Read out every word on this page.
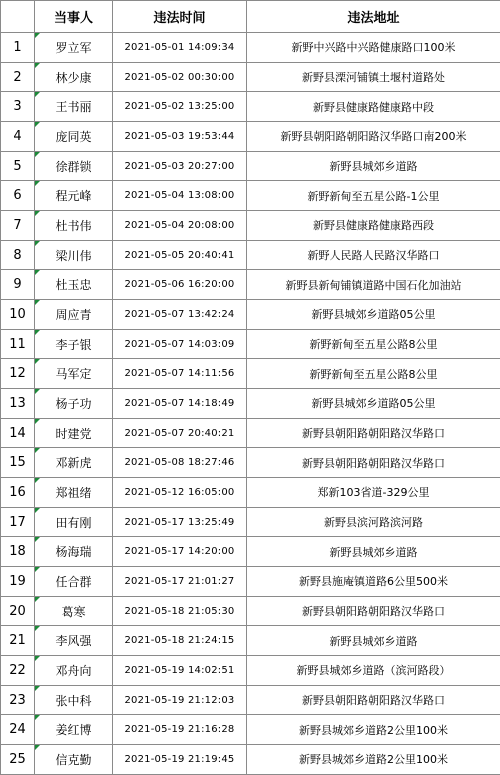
	当事人	违法时间	违法地址
1	罗立军	2021-05-01 14:09:34	新野中兴路中兴路健康路口100米
2	林少康	2021-05-02 00:30:00	新野县溧河铺镇土堰村道路处
3	王书丽	2021-05-02 13:25:00	新野县健康路健康路中段
4	庞同英	2021-05-03 19:53:44	新野县朝阳路朝阳路汉华路口南200米
5	徐群锁	2021-05-03 20:27:00	新野县城郊乡道路
6	程元峰	2021-05-04 13:08:00	新野新甸至五星公路-1公里
7	杜书伟	2021-05-04 20:08:00	新野县健康路健康路西段
8	梁川伟	2021-05-05 20:40:41	新野人民路人民路汉华路口
9	杜玉忠	2021-05-06 16:20:00	新野县新甸铺镇道路中国石化加油站
10	周应青	2021-05-07 13:42:24	新野县城郊乡道路05公里
11	李子银	2021-05-07 14:03:09	新野新甸至五星公路8公里
12	马军定	2021-05-07 14:11:56	新野新甸至五星公路8公里
13	杨子功	2021-05-07 14:18:49	新野县城郊乡道路05公里
14	时建党	2021-05-07 20:40:21	新野县朝阳路朝阳路汉华路口
15	邓新虎	2021-05-08 18:27:46	新野县朝阳路朝阳路汉华路口
16	郑祖绪	2021-05-12 16:05:00	郑新103省道-329公里
17	田有刚	2021-05-17 13:25:49	新野县滨河路滨河路
18	杨海瑞	2021-05-17 14:20:00	新野县城郊乡道路
19	任合群	2021-05-17 21:01:27	新野县施庵镇道路6公里500米
20	葛寒	2021-05-18 21:05:30	新野县朝阳路朝阳路汉华路口
21	李风强	2021-05-18 21:24:15	新野县城郊乡道路
22	邓舟向	2021-05-19 14:02:51	新野县城郊乡道路（滨河路段）
23	张中科	2021-05-19 21:12:03	新野县朝阳路朝阳路汉华路口
24	姜红博	2021-05-19 21:16:28	新野县城郊乡道路2公里100米
25	信克勤	2021-05-19 21:19:45	新野县城郊乡道路2公里100米
